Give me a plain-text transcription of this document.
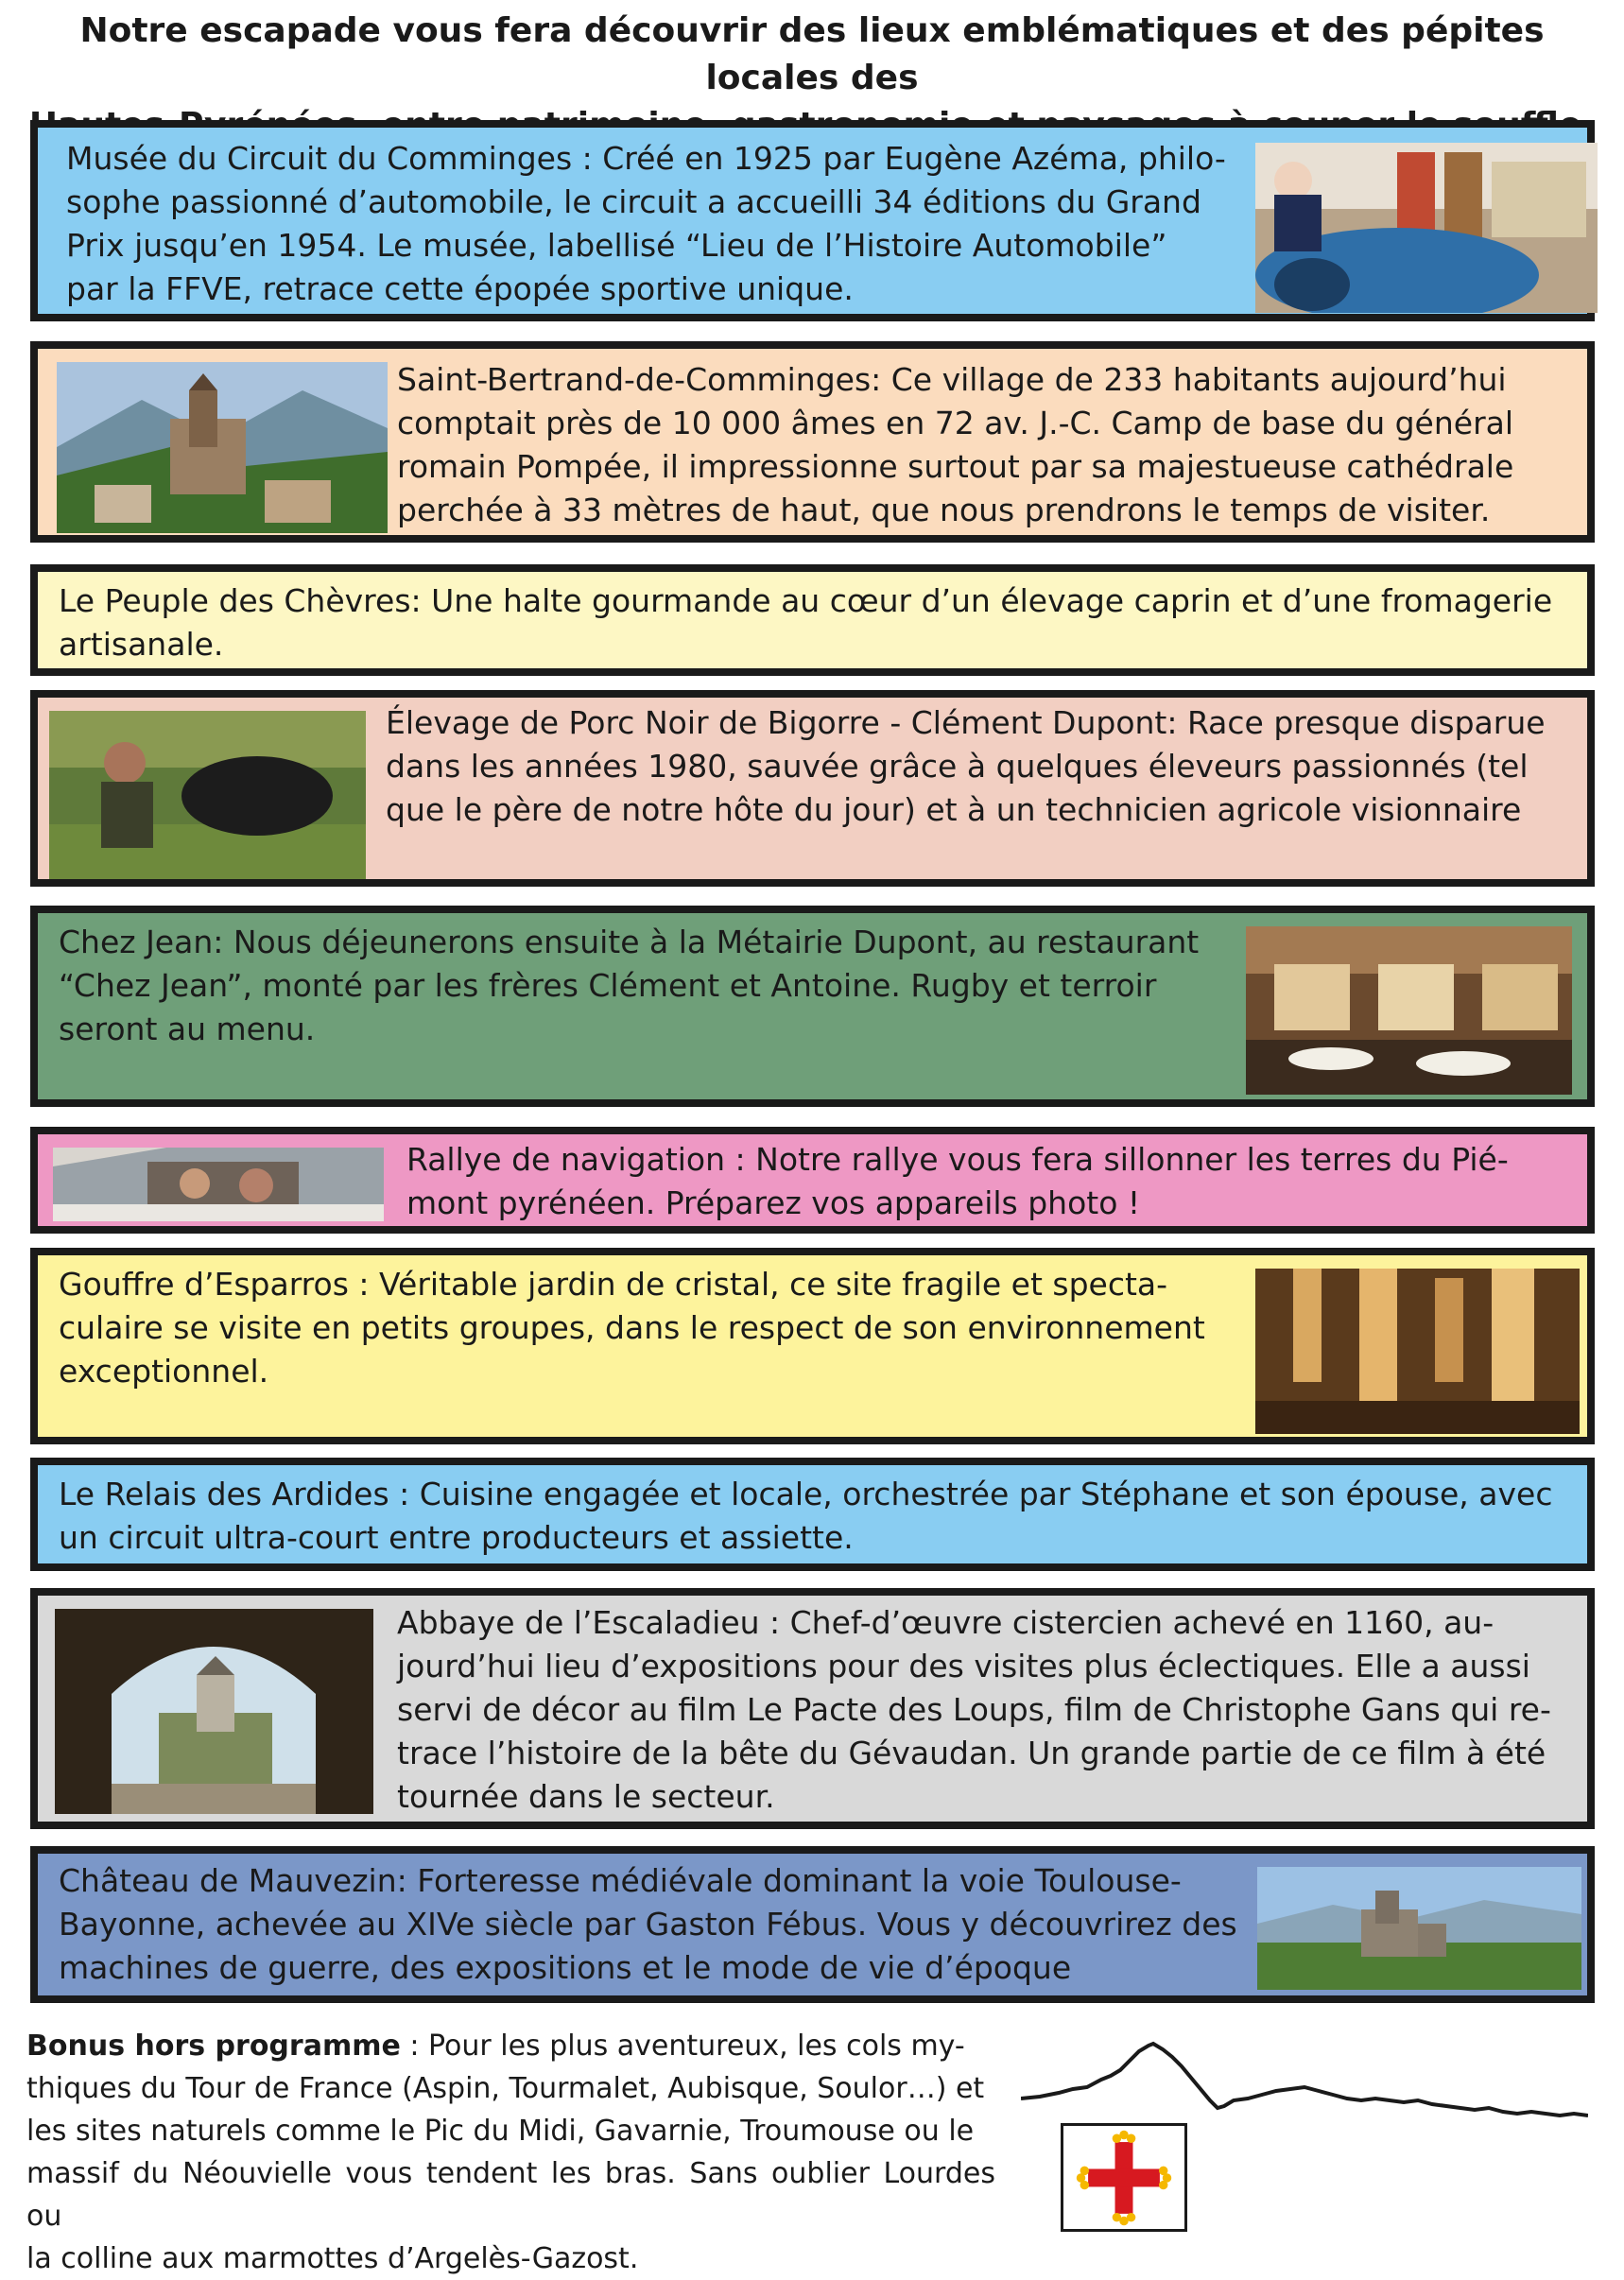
Notre escapade vous fera découvrir des lieux emblématiques et des pépites locales des
Musée du Circuit du Comminges : Créé en 1925 par Eugène Azéma, philo-
sophe passionné d’automobile, le circuit a accueilli 34 éditions du Grand
Prix jusqu’en 1954. Le musée, labellisé “Lieu de l’Histoire Automobile”
par la FFVE, retrace cette épopée sportive unique.
Saint-Bertrand-de-Comminges: Ce village de 233 habitants aujourd’hui
comptait près de 10 000 âmes en 72 av. J.-C. Camp de base du général
romain Pompée, il impressionne surtout par sa majestueuse cathédrale
perchée à 33 mètres de haut, que nous prendrons le temps de visiter.
Le Peuple des Chèvres: Une halte gourmande au cœur d’un élevage caprin et d’une fromagerie
artisanale.
Élevage de Porc Noir de Bigorre - Clément Dupont: Race presque disparue
dans les années 1980, sauvée grâce à quelques éleveurs passionnés (tel
que le père de notre hôte du jour) et à un technicien agricole visionnaire
Chez Jean: Nous déjeunerons ensuite à la Métairie Dupont, au restaurant
“Chez Jean”, monté par les frères Clément et Antoine. Rugby et terroir
seront au menu.
Rallye de navigation : Notre rallye vous fera sillonner les terres du Pié-
mont pyrénéen. Préparez vos appareils photo !
Gouffre d’Esparros : Véritable jardin de cristal, ce site fragile et specta-
culaire se visite en petits groupes, dans le respect de son environnement
exceptionnel.
Le Relais des Ardides : Cuisine engagée et locale, orchestrée par Stéphane et son épouse, avec
un circuit ultra-court entre producteurs et assiette.
Abbaye de l’Escaladieu : Chef-d’œuvre cistercien achevé en 1160, au-
jourd’hui lieu d’expositions pour des visites plus éclectiques. Elle a aussi
servi de décor au film Le Pacte des Loups, film de Christophe Gans qui re-
trace l’histoire de la bête du Gévaudan. Un grande partie de ce film à été
tournée dans le secteur.
Château de Mauvezin: Forteresse médiévale dominant la voie Toulouse-
Bayonne, achevée au XIVe siècle par Gaston Fébus. Vous y découvrirez des
machines de guerre, des expositions et le mode de vie d’époque
Bonus hors programme : Pour les plus aventureux, les cols my-
thiques du Tour de France (Aspin, Tourmalet, Aubisque, Soulor…) et
les sites naturels comme le Pic du Midi, Gavarnie, Troumouse ou le
massif du Néouvielle vous tendent les bras. Sans oublier Lourdes ou
la colline aux marmottes d’Argelès-Gazost.
